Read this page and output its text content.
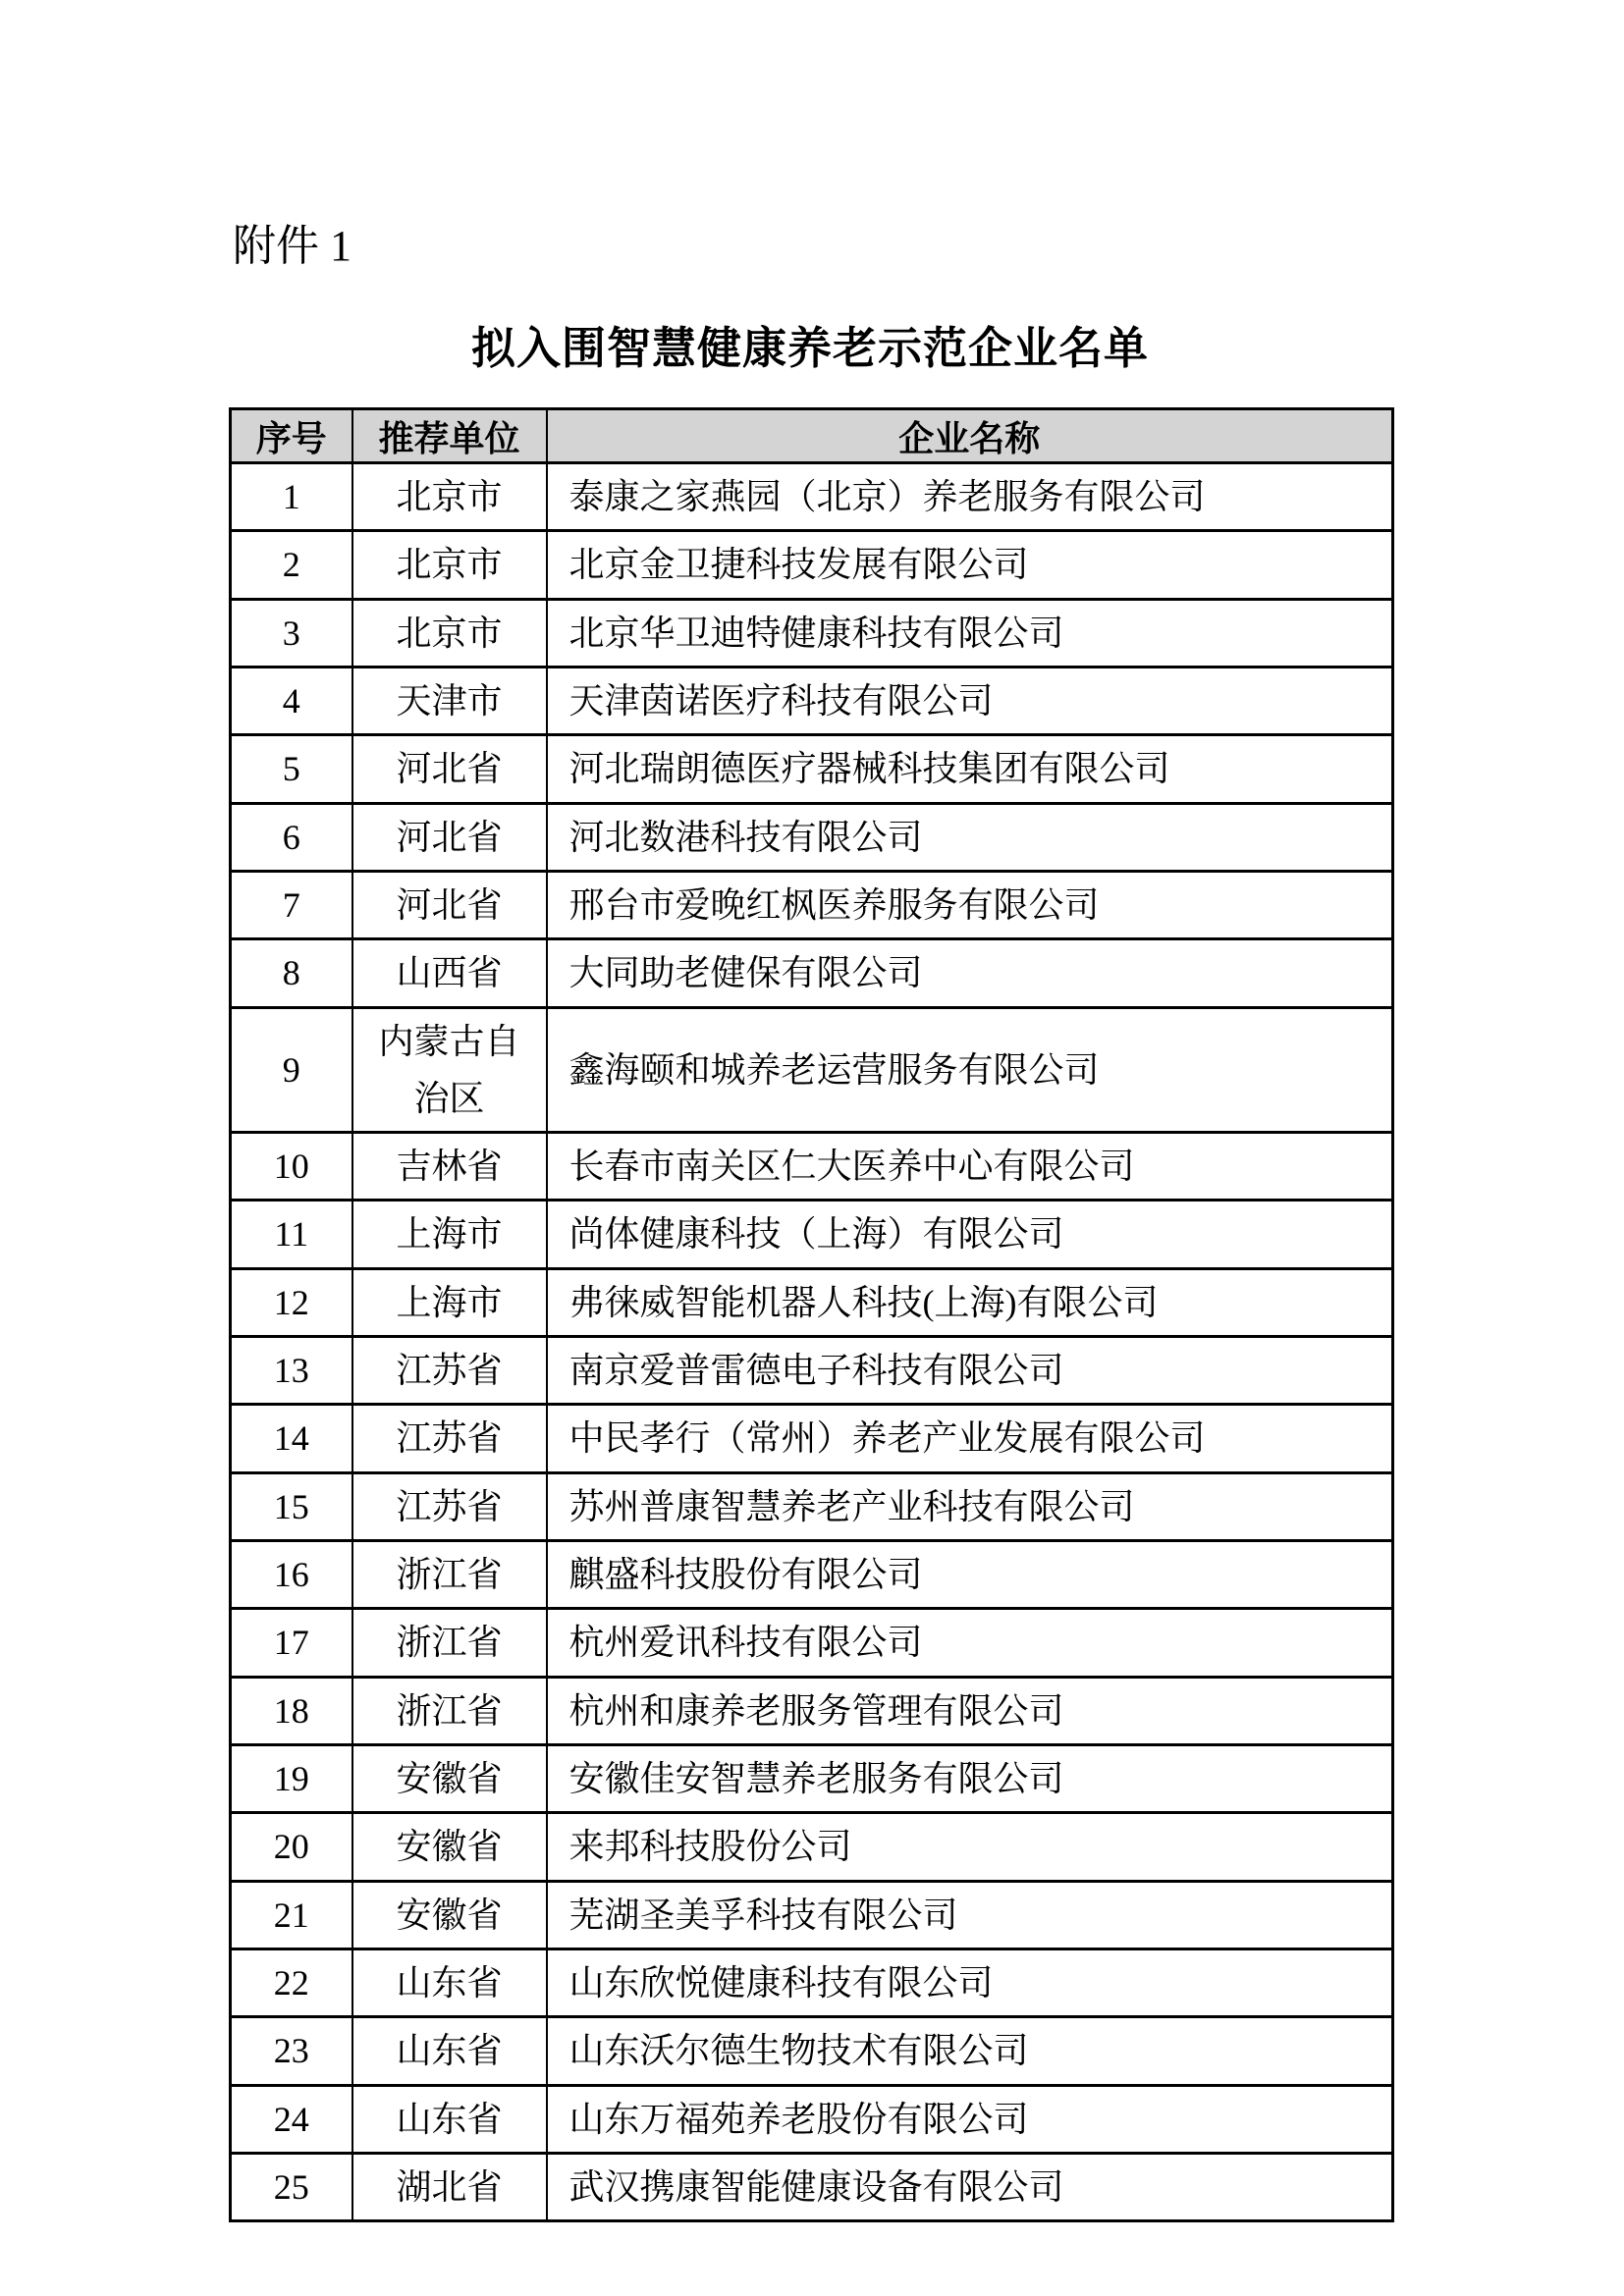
附件 1
拟入围智慧健康养老示范企业名单
序号	推荐单位	企业名称
1	北京市	泰康之家燕园（北京）养老服务有限公司
2	北京市	北京金卫捷科技发展有限公司
3	北京市	北京华卫迪特健康科技有限公司
4	天津市	天津茵诺医疗科技有限公司
5	河北省	河北瑞朗德医疗器械科技集团有限公司
6	河北省	河北数港科技有限公司
7	河北省	邢台市爱晚红枫医养服务有限公司
8	山西省	大同助老健保有限公司
9	内蒙古自治区	鑫海颐和城养老运营服务有限公司
10	吉林省	长春市南关区仁大医养中心有限公司
11	上海市	尚体健康科技（上海）有限公司
12	上海市	弗徕威智能机器人科技(上海)有限公司
13	江苏省	南京爱普雷德电子科技有限公司
14	江苏省	中民孝行（常州）养老产业发展有限公司
15	江苏省	苏州普康智慧养老产业科技有限公司
16	浙江省	麒盛科技股份有限公司
17	浙江省	杭州爱讯科技有限公司
18	浙江省	杭州和康养老服务管理有限公司
19	安徽省	安徽佳安智慧养老服务有限公司
20	安徽省	来邦科技股份公司
21	安徽省	芜湖圣美孚科技有限公司
22	山东省	山东欣悦健康科技有限公司
23	山东省	山东沃尔德生物技术有限公司
24	山东省	山东万福苑养老股份有限公司
25	湖北省	武汉携康智能健康设备有限公司
